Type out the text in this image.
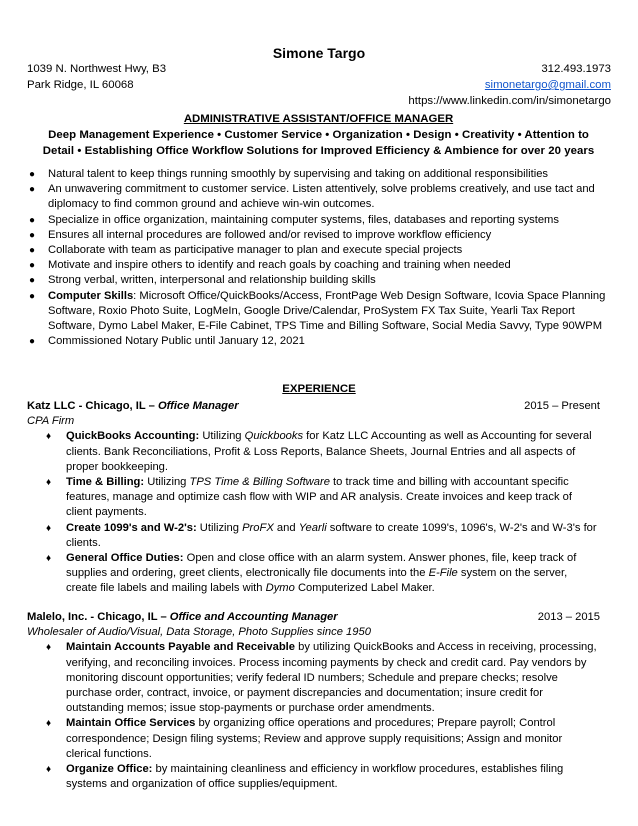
Simone Targo
1039 N. Northwest Hwy, B3
Park Ridge, IL 60068
312.493.1973
simonetargo@gmail.com
https://www.linkedin.com/in/simonetargo
ADMINISTRATIVE ASSISTANT/OFFICE MANAGER
Deep Management Experience • Customer Service • Organization • Design • Creativity • Attention to
Detail • Establishing Office Workflow Solutions for Improved Efficiency & Ambience for over 20 years
● Natural talent to keep things running smoothly by supervising and taking on additional responsibilities
● An unwavering commitment to customer service. Listen attentively, solve problems creatively, and use tact and diplomacy to find common ground and achieve win-win outcomes.
● Specialize in office organization, maintaining computer systems, files, databases and reporting systems
● Ensures all internal procedures are followed and/or revised to improve workflow efficiency
● Collaborate with team as participative manager to plan and execute special projects
● Motivate and inspire others to identify and reach goals by coaching and training when needed
● Strong verbal, written, interpersonal and relationship building skills
● Computer Skills: Microsoft Office/QuickBooks/Access, FrontPage Web Design Software, Icovia Space Planning Software, Roxio Photo Suite, LogMeIn, Google Drive/Calendar, ProSystem FX Tax Suite, Yearli Tax Report Software, Dymo Label Maker, E-File Cabinet, TPS Time and Billing Software, Social Media Savvy, Type 90WPM
● Commissioned Notary Public until January 12, 2021
EXPERIENCE
Katz LLC - Chicago, IL – Office Manager	2015 – Present
CPA Firm
♦ QuickBooks Accounting: Utilizing Quickbooks for Katz LLC Accounting as well as Accounting for several clients. Bank Reconciliations, Profit & Loss Reports, Balance Sheets, Journal Entries and all aspects of proper bookkeeping.
♦ Time & Billing: Utilizing TPS Time & Billing Software to track time and billing with accountant specific features, manage and optimize cash flow with WIP and AR analysis. Create invoices and keep track of client payments.
♦ Create 1099's and W-2's: Utilizing ProFX and Yearli software to create 1099's, 1096's, W-2's and W-3's for clients.
♦ General Office Duties: Open and close office with an alarm system. Answer phones, file, keep track of supplies and ordering, greet clients, electronically file documents into the E-File system on the server, create file labels and mailing labels with Dymo Computerized Label Maker.
Malelo, Inc. - Chicago, IL – Office and Accounting Manager	2013 – 2015
Wholesaler of Audio/Visual, Data Storage, Photo Supplies since 1950
♦ Maintain Accounts Payable and Receivable by utilizing QuickBooks and Access in receiving, processing, verifying, and reconciling invoices. Process incoming payments by check and credit card. Pay vendors by monitoring discount opportunities; verify federal ID numbers; Schedule and prepare checks; resolve purchase order, contract, invoice, or payment discrepancies and documentation; insure credit for outstanding memos; issue stop-payments or purchase order amendments.
♦ Maintain Office Services by organizing office operations and procedures; Prepare payroll; Control correspondence; Design filing systems; Review and approve supply requisitions; Assign and monitor clerical functions.
♦ Organize Office: by maintaining cleanliness and efficiency in workflow procedures, establishes filing systems and organization of office supplies/equipment.
